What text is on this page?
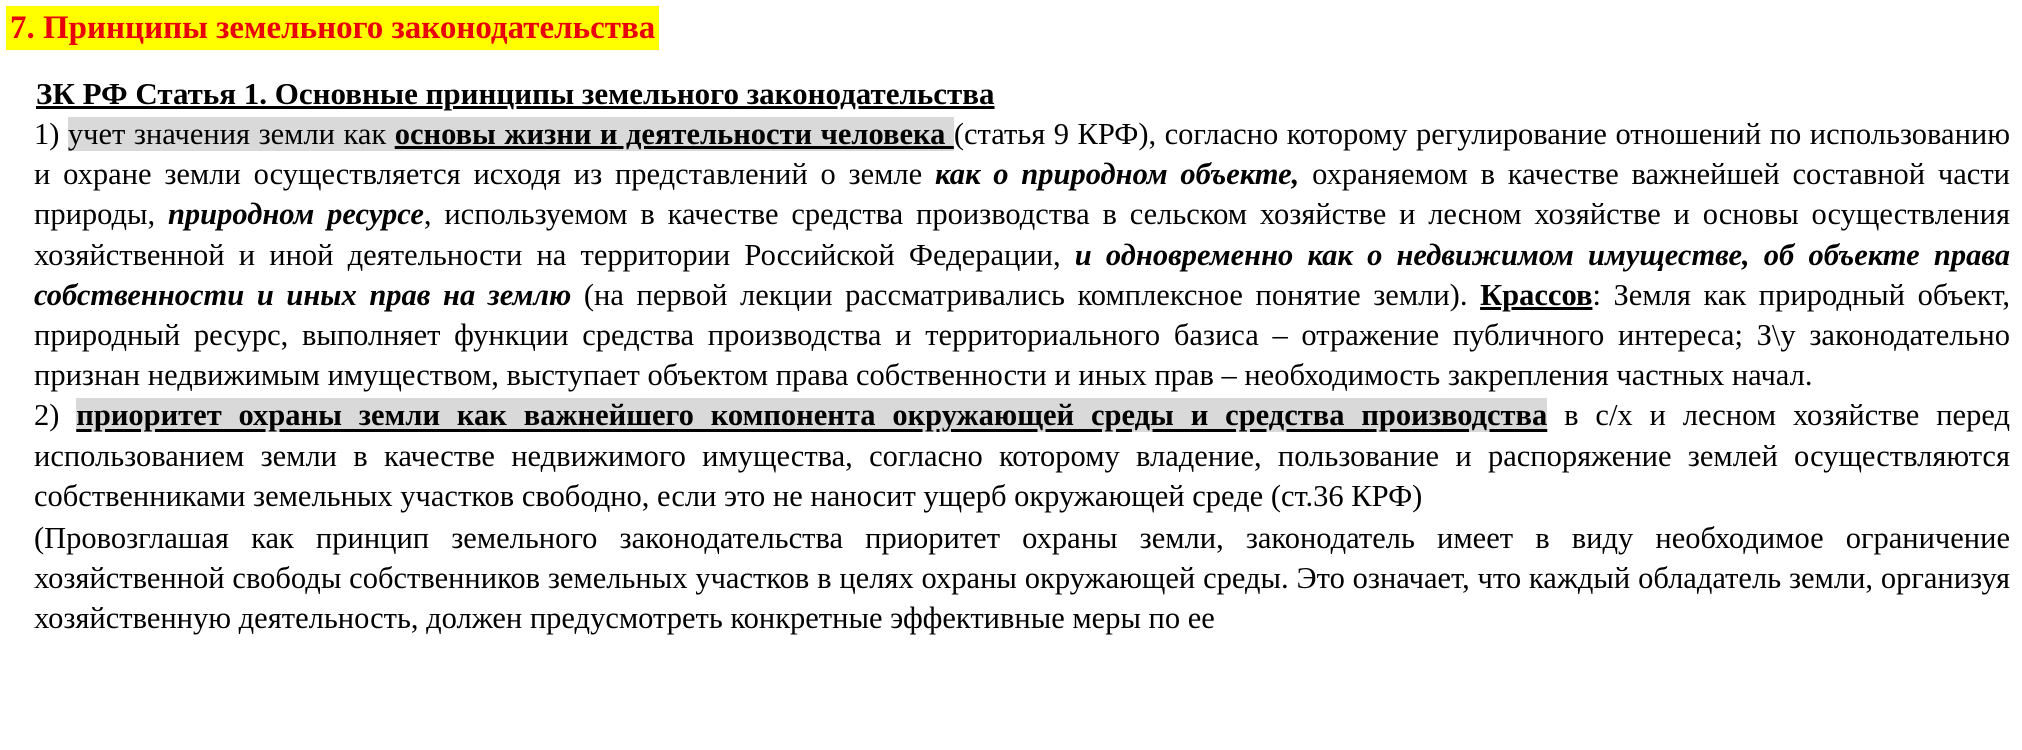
7. Принципы земельного законодательства
ЗК РФ Статья 1. Основные принципы земельного законодательства

1) учет значения земли как основы жизни и деятельности человека (статья 9 КРФ), согласно которому регулирование отношений по использованию и охране земли осуществляется исходя из представлений о земле как о природном объекте, охраняемом в качестве важнейшей составной части природы, природном ресурсе, используемом в качестве средства производства в сельском хозяйстве и лесном хозяйстве и основы осуществления хозяйственной и иной деятельности на территории Российской Федерации, и одновременно как о недвижимом имуществе, об объекте права собственности и иных прав на землю (на первой лекции рассматривались комплексное понятие земли). Крассов: Земля как природный объект, природный ресурс, выполняет функции средства производства и территориального базиса – отражение публичного интереса; З\у законодательно признан недвижимым имуществом, выступает объектом права собственности и иных прав – необходимость закрепления частных начал.

2) приоритет охраны земли как важнейшего компонента окружающей среды и средства производства в с/х и лесном хозяйстве перед использованием земли в качестве недвижимого имущества, согласно которому владение, пользование и распоряжение землей осуществляются собственниками земельных участков свободно, если это не наносит ущерб окружающей среде (ст.36 КРФ)

(Провозглашая как принцип земельного законодательства приоритет охраны земли, законодатель имеет в виду необходимое ограничение хозяйственной свободы собственников земельных участков в целях охраны окружающей среды. Это означает, что каждый обладатель земли, организуя хозяйственную деятельность, должен предусмотреть конкретные эффективные меры по ее
